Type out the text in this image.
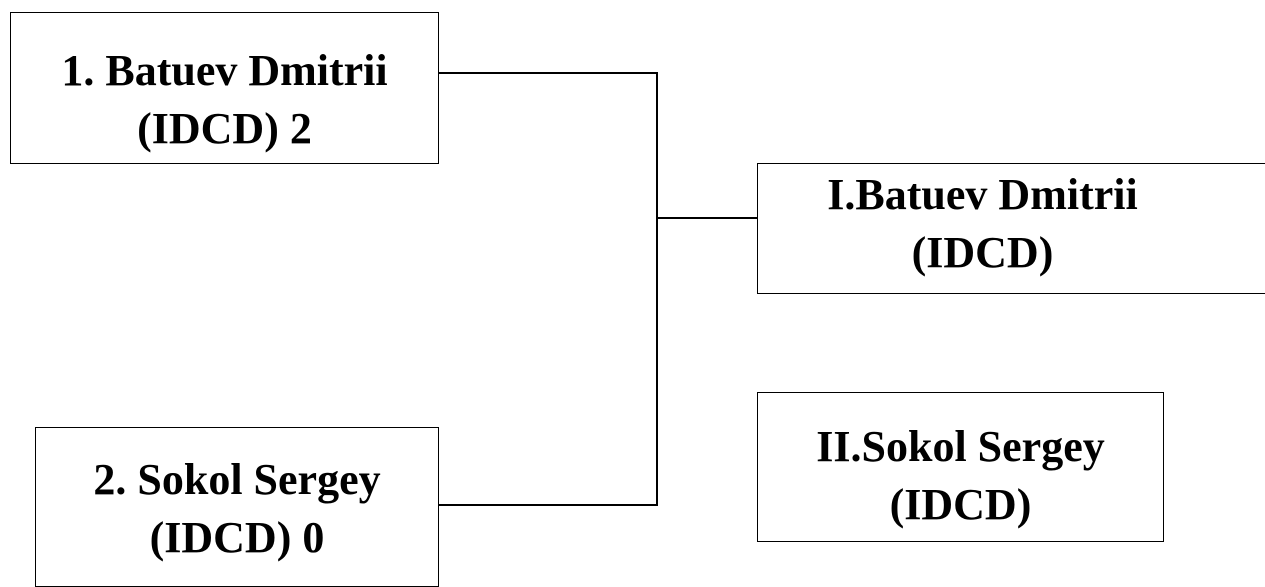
1. Batuev Dmitrii
(IDCD) 2
2. Sokol Sergey
(IDCD) 0
I.Batuev Dmitrii
(IDCD)
II.Sokol Sergey
(IDCD)
